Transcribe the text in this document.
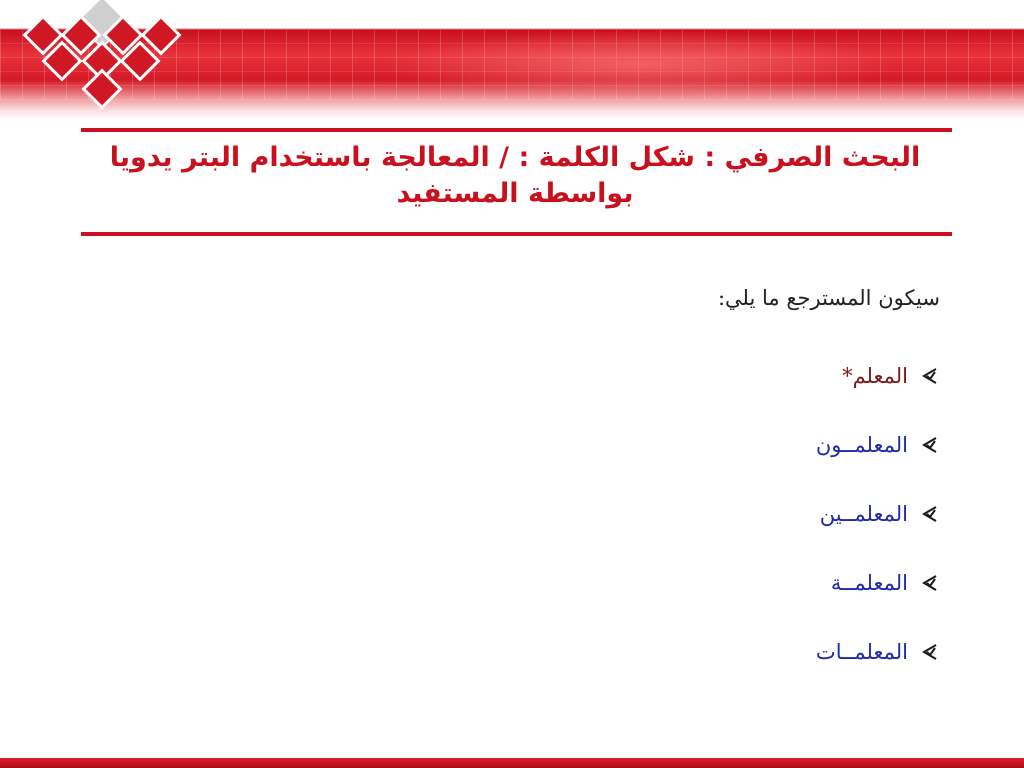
البحث الصرفي : شكل الكلمة : / المعالجة باستخدام البتر يدويا بواسطة المستفيد
سيكون المسترجع ما يلي:
المعلم*
المعلمــون
المعلمــين
المعلمــة
المعلمــات
